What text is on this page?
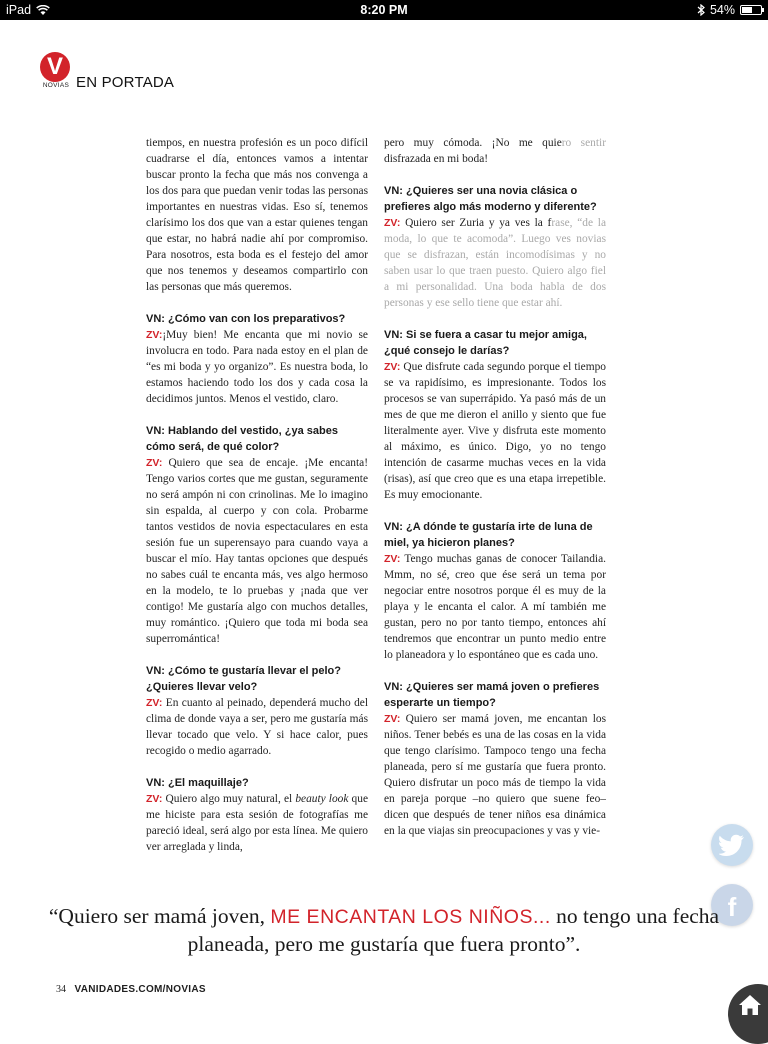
iPad	8:20 PM	54%
V
NOVIAS EN PORTADA

tiempos, en nuestra profesión es un poco difícil cuadrarse el día, entonces vamos a intentar buscar pronto la fecha que más nos convenga a los dos para que puedan venir todas las personas importantes en nuestras vidas. Eso sí, tenemos clarísimo los dos que van a estar quienes tengan que estar, no habrá nadie ahí por compromiso. Para nosotros, esta boda es el festejo del amor que nos tenemos y deseamos compartirlo con las personas que más queremos.

VN: ¿Cómo van con los preparativos?

ZV:¡Muy bien! Me encanta que mi novio se involucra en todo. Para nada estoy en el plan de “es mi boda y yo organizo”. Es nuestra boda, lo estamos haciendo todo los dos y cada cosa la decidimos juntos. Menos el vestido, claro.

VN: Hablando del vestido, ¿ya sabes cómo será, de qué color?

ZV: Quiero que sea de encaje. ¡Me encanta! Tengo varios cortes que me gustan, seguramente no será ampón ni con crinolinas. Me lo imagino sin espalda, al cuerpo y con cola. Probarme tantos vestidos de novia espectaculares en esta sesión fue un superensayo para cuando vaya a buscar el mío. Hay tantas opciones que después no sabes cuál te encanta más, ves algo hermoso en la modelo, te lo pruebas y ¡nada que ver contigo! Me gustaría algo con muchos detalles, muy romántico. ¡Quiero que toda mi boda sea superromántica!

VN: ¿Cómo te gustaría llevar el pelo? ¿Quieres llevar velo?

ZV: En cuanto al peinado, dependerá mucho del clima de donde vaya a ser, pero me gustaría más llevar tocado que velo. Y si hace calor, pues recogido o medio agarrado.

VN: ¿El maquillaje?

ZV: Quiero algo muy natural, el beauty look que me hiciste para esta sesión de fotografías me pareció ideal, será algo por esta línea. Me quiero ver arreglada y linda,

pero muy cómoda. ¡No me quiero sentir disfrazada en mi boda!

VN: ¿Quieres ser una novia clásica o prefieres algo más moderno y diferente?

ZV: Quiero ser Zuria y ya ves la frase, “de la moda, lo que te acomoda”. Luego ves novias que se disfrazan, están incomodísimas y no saben usar lo que traen puesto. Quiero algo fiel a mi personalidad. Una boda habla de dos personas y ese sello tiene que estar ahí.

VN: Si se fuera a casar tu mejor amiga, ¿qué consejo le darías?

ZV: Que disfrute cada segundo porque el tiempo se va rapidísimo, es impresionante. Todos los procesos se van superrápido. Ya pasó más de un mes de que me dieron el anillo y siento que fue literalmente ayer. Vive y disfruta este momento al máximo, es único. Digo, yo no tengo intención de casarme muchas veces en la vida (risas), así que creo que es una etapa irrepetible. Es muy emocionante.

VN: ¿A dónde te gustaría irte de luna de miel, ya hicieron planes?

ZV: Tengo muchas ganas de conocer Tailandia. Mmm, no sé, creo que ése será un tema por negociar entre nosotros porque él es muy de la playa y le encanta el calor. A mí también me gustan, pero no por tanto tiempo, entonces ahí tendremos que encontrar un punto medio entre lo planeadora y lo espontáneo que es cada uno.

VN: ¿Quieres ser mamá joven o prefieres esperarte un tiempo?

ZV: Quiero ser mamá joven, me encantan los niños. Tener bebés es una de las cosas en la vida que tengo clarísimo. Tampoco tengo una fecha planeada, pero sí me gustaría que fuera pronto. Quiero disfrutar un poco más de tiempo la vida en pareja porque –no quiero que suene feo– dicen que después de tener niños esa dinámica en la que viajas sin preocupaciones y vas y vie-

f
“Quiero ser mamá joven, ME ENCANTAN LOS NIÑOS... no tengo una fecha planeada, pero me gustaría que fuera pronto”.
34 VANIDADES.COM/NOVIAS
